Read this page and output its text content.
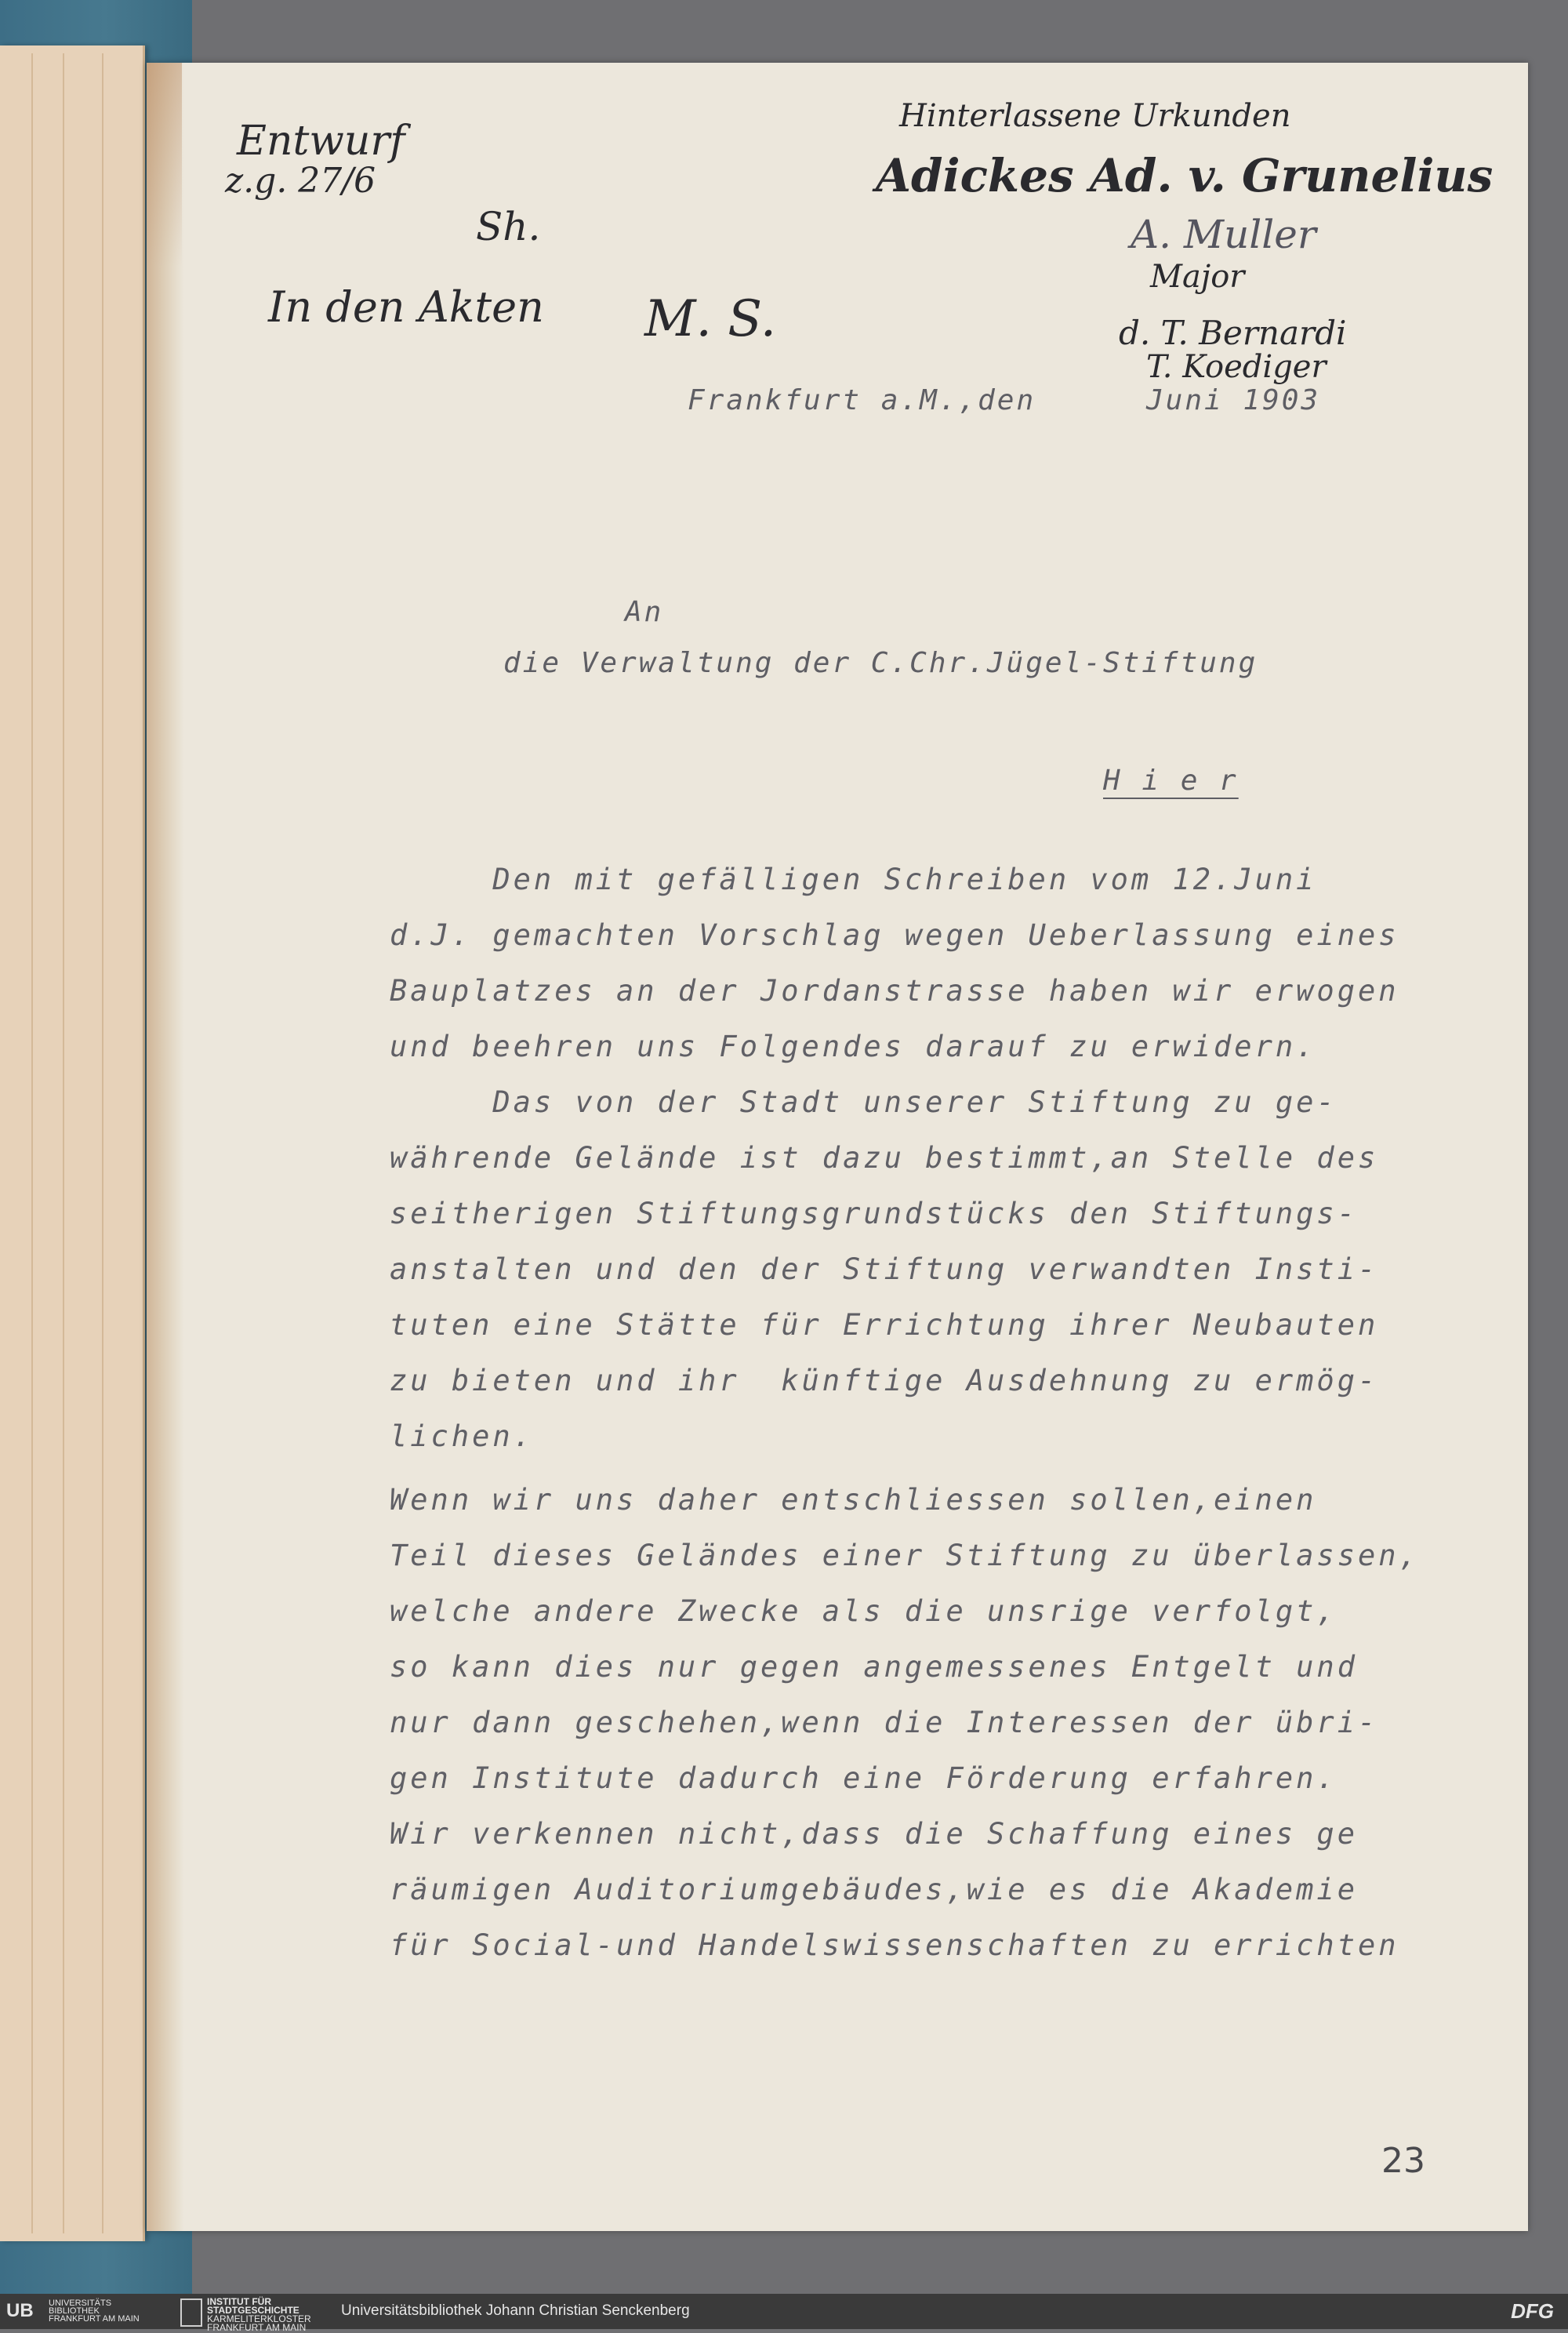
Entwurf
z.g. 27/6
Sh.
In den Akten M. S.
Hinterlassene Urkunden
Adickes Ad. v. Grunelius
A. Muller
Major
d. T. Bernardi
T. Koediger
Frankfurt a.M.,den	Juni 1903
An
die Verwaltung der C.Chr.Jügel-Stiftung
H i e r
Den mit gefälligen Schreiben vom 12.Juni
d.J. gemachten Vorschlag wegen Ueberlassung eines
Bauplatzes an der Jordanstrasse haben wir erwogen
und beehren uns Folgendes darauf zu erwidern.
Das von der Stadt unserer Stiftung zu ge-
währende Gelände ist dazu bestimmt,an Stelle des
seitherigen Stiftungsgrundstücks den Stiftungs-
anstalten und den der Stiftung verwandten Insti-
tuten eine Stätte für Errichtung ihrer Neubauten
zu bieten und ihr  künftige Ausdehnung zu ermög-
lichen.
Wenn wir uns daher entschliessen sollen,einen
Teil dieses Geländes einer Stiftung zu überlassen,
welche andere Zwecke als die unsrige verfolgt,
so kann dies nur gegen angemessenes Entgelt und
nur dann geschehen,wenn die Interessen der übri-
gen Institute dadurch eine Förderung erfahren.
Wir verkennen nicht,dass die Schaffung eines ge
räumigen Auditoriumgebäudes,wie es die Akademie
für Social-und Handelswissenschaften zu errichten
23
UB UNIVERSITÄTS
BIBLIOTHEK
FRANKFURT AM MAIN
INSTITUT FÜR
STADTGESCHICHTE
KARMELITERKLOSTER
FRANKFURT AM MAIN
Universitätsbibliothek Johann Christian Senckenberg	DFG
